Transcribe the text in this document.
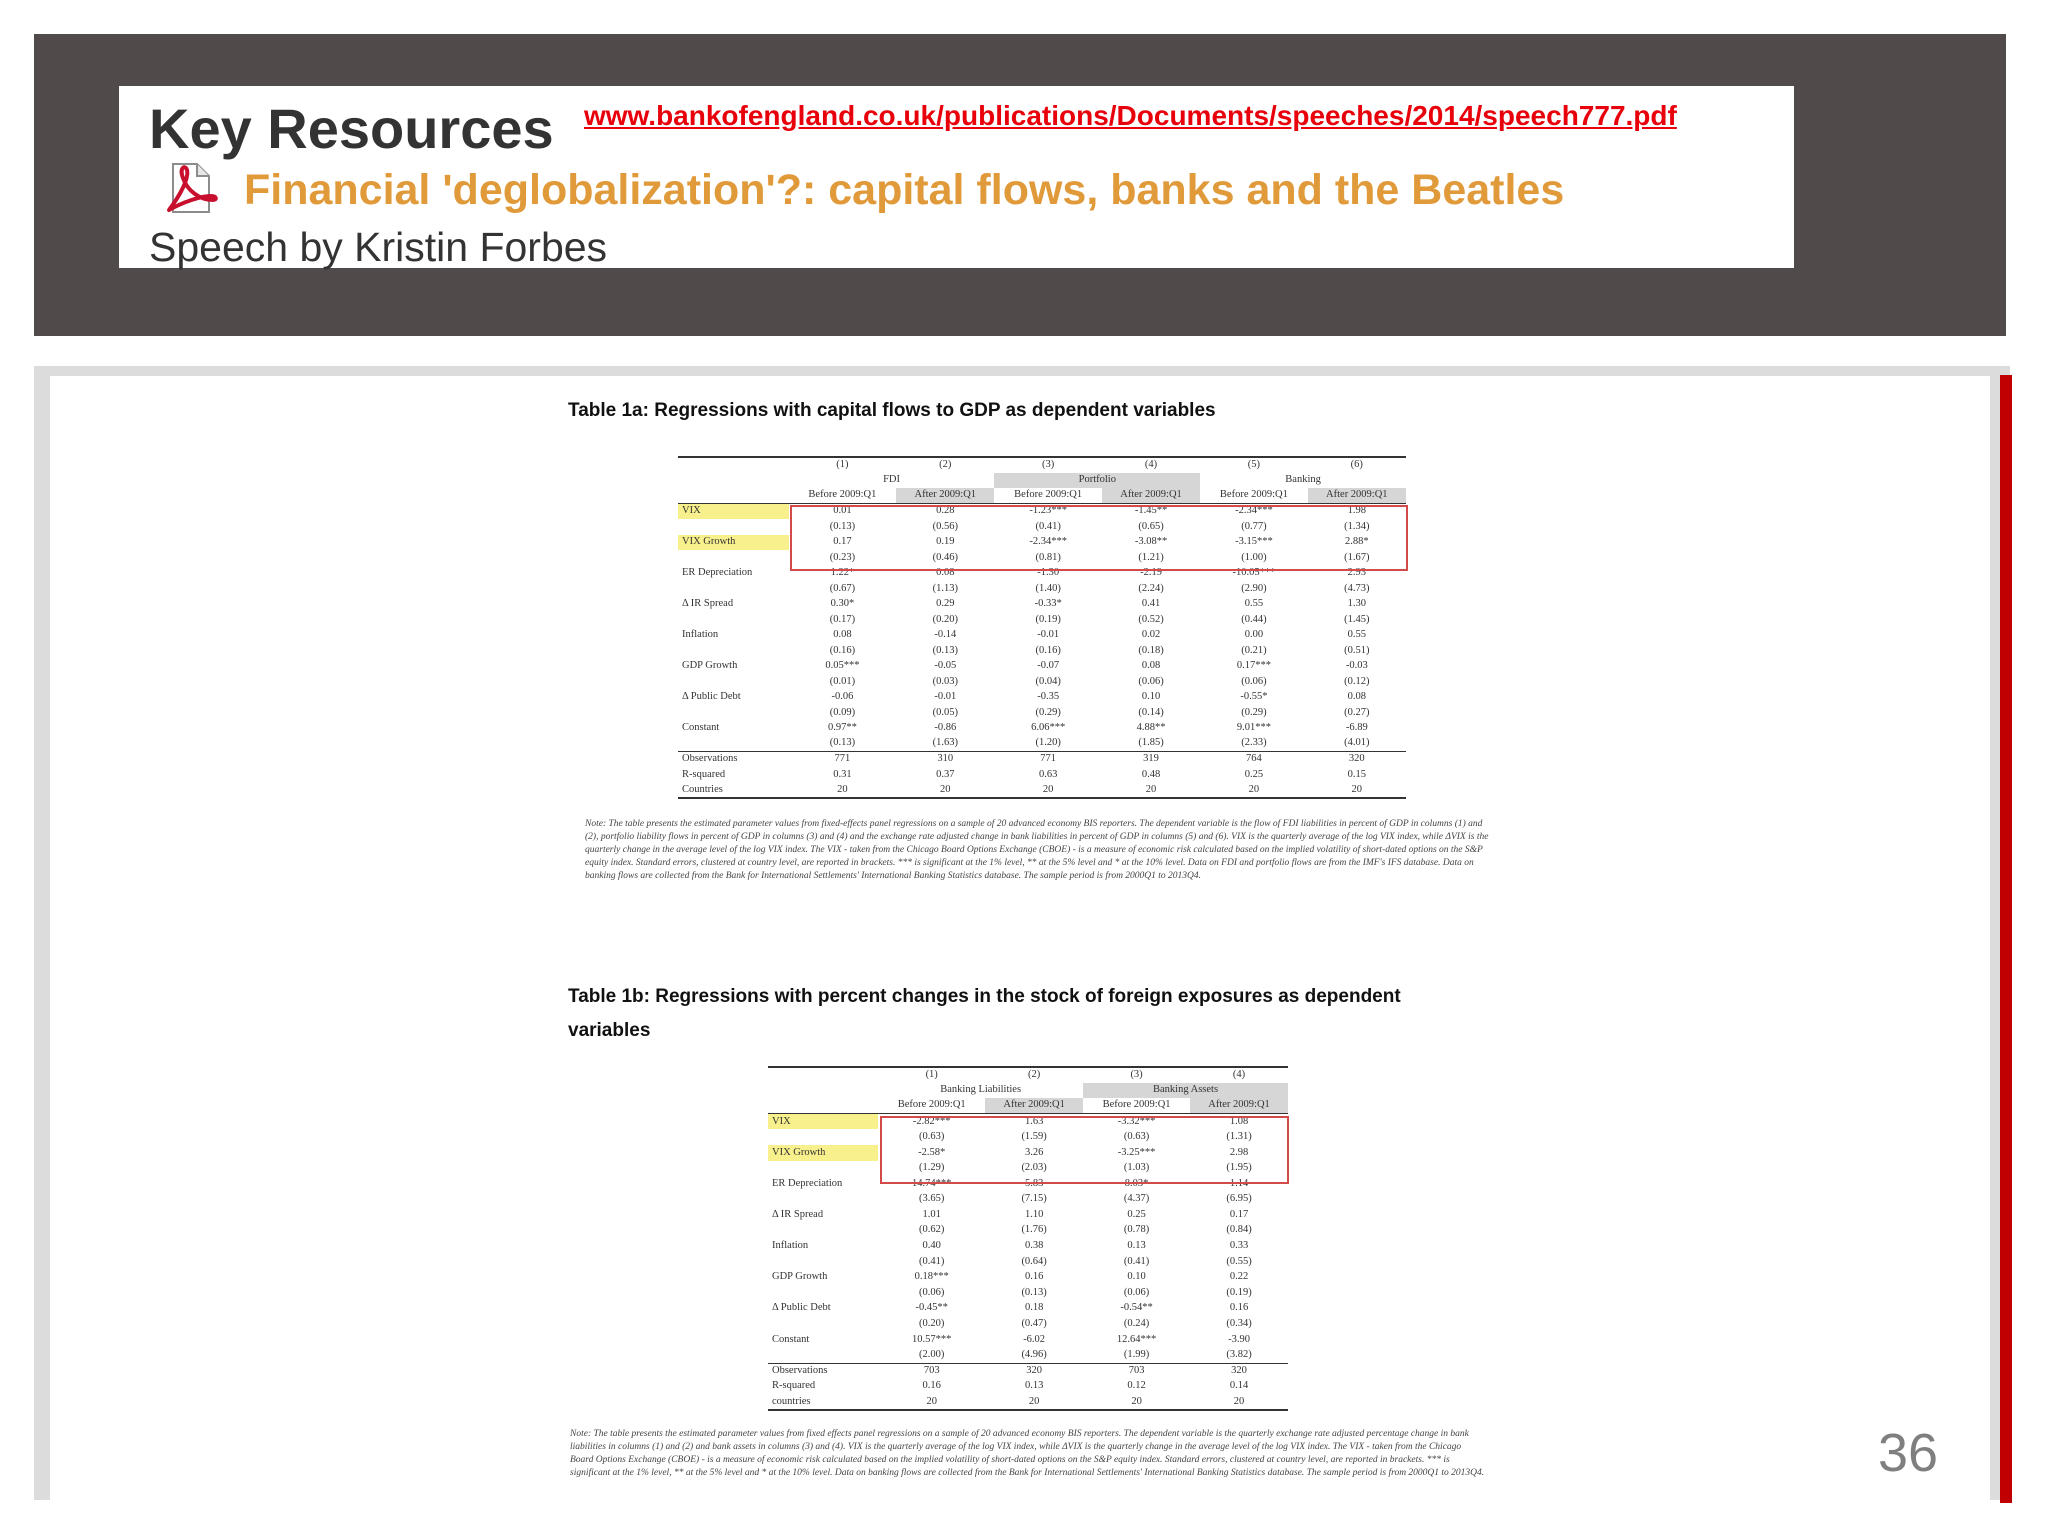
Key Resources www.bankofengland.co.uk/publications/Documents/speeches/2014/speech777.pdf
Financial 'deglobalization'?: capital flows, banks and the Beatles
Speech by Kristin Forbes
Table 1a: Regressions with capital flows to GDP as dependent variables
	(1)	(2)	(3)	(4)	(5)	(6)
	FDI		Portfolio		Banking	
	Before 2009:Q1	After 2009:Q1	Before 2009:Q1	After 2009:Q1	Before 2009:Q1	After 2009:Q1
VIX	0.01	0.28	-1.23***	-1.45**	-2.34***	1.98
	(0.13)	(0.56)	(0.41)	(0.65)	(0.77)	(1.34)
VIX Growth	0.17	0.19	-2.34***	-3.08**	-3.15***	2.88*
	(0.23)	(0.46)	(0.81)	(1.21)	(1.00)	(1.67)
ER Depreciation	1.22*	0.08	-1.30	-2.19	-10.05***	2.93
	(0.67)	(1.13)	(1.40)	(2.24)	(2.90)	(4.73)
Δ IR Spread	0.30*	0.29	-0.33*	0.41	0.55	1.30
	(0.17)	(0.20)	(0.19)	(0.52)	(0.44)	(1.45)
Inflation	0.08	-0.14	-0.01	0.02	0.00	0.55
	(0.16)	(0.13)	(0.16)	(0.18)	(0.21)	(0.51)
GDP Growth	0.05***	-0.05	-0.07	0.08	0.17***	-0.03
	(0.01)	(0.03)	(0.04)	(0.06)	(0.06)	(0.12)
Δ Public Debt	-0.06	-0.01	-0.35	0.10	-0.55*	0.08
	(0.09)	(0.05)	(0.29)	(0.14)	(0.29)	(0.27)
Constant	0.97**	-0.86	6.06***	4.88**	9.01***	-6.89
	(0.13)	(1.63)	(1.20)	(1.85)	(2.33)	(4.01)
Observations	771	310	771	319	764	320
R-squared	0.31	0.37	0.63	0.48	0.25	0.15
Countries	20	20	20	20	20	20

Note: The table presents the estimated parameter values from fixed-effects panel regressions on a sample of 20 advanced economy BIS reporters. The dependent variable is the flow of FDI liabilities in percent of GDP in columns (1) and (2), portfolio liability flows in percent of GDP in columns (3) and (4) and the exchange rate adjusted change in bank liabilities in percent of GDP in columns (5) and (6). VIX is the quarterly average of the log VIX index, while ΔVIX is the quarterly change in the average level of the log VIX index. The VIX - taken from the Chicago Board Options Exchange (CBOE) - is a measure of economic risk calculated based on the implied volatility of short-dated options on the S&P equity index. Standard errors, clustered at country level, are reported in brackets. *** is significant at the 1% level, ** at the 5% level and * at the 10% level. Data on FDI and portfolio flows are from the IMF's IFS database. Data on banking flows are collected from the Bank for International Settlements' International Banking Statistics database. The sample period is from 2000Q1 to 2013Q4.

Table 1b: Regressions with percent changes in the stock of foreign exposures as dependent
variables
	(1)	(2)	(3)	(4)
	Banking Liabilities		Banking Assets	
	Before 2009:Q1	After 2009:Q1	Before 2009:Q1	After 2009:Q1
VIX	-2.82***	1.63	-3.32***	1.08
	(0.63)	(1.59)	(0.63)	(1.31)
VIX Growth	-2.58*	3.26	-3.25***	2.98
	(1.29)	(2.03)	(1.03)	(1.95)
ER Depreciation	14.74***	5.83	8.03*	1.14
	(3.65)	(7.15)	(4.37)	(6.95)
Δ IR Spread	1.01	1.10	0.25	0.17
	(0.62)	(1.76)	(0.78)	(0.84)
Inflation	0.40	0.38	0.13	0.33
	(0.41)	(0.64)	(0.41)	(0.55)
GDP Growth	0.18***	0.16	0.10	0.22
	(0.06)	(0.13)	(0.06)	(0.19)
Δ Public Debt	-0.45**	0.18	-0.54**	0.16
	(0.20)	(0.47)	(0.24)	(0.34)
Constant	10.57***	-6.02	12.64***	-3.90
	(2.00)	(4.96)	(1.99)	(3.82)
Observations	703	320	703	320
R-squared	0.16	0.13	0.12	0.14
countries	20	20	20	20

Note: The table presents the estimated parameter values from fixed effects panel regressions on a sample of 20 advanced economy BIS reporters. The dependent variable is the quarterly exchange rate adjusted percentage change in bank liabilities in columns (1) and (2) and bank assets in columns (3) and (4). VIX is the quarterly average of the log VIX index, while ΔVIX is the quarterly change in the average level of the log VIX index. The VIX - taken from the Chicago Board Options Exchange (CBOE) - is a measure of economic risk calculated based on the implied volatility of short-dated options on the S&P equity index. Standard errors, clustered at country level, are reported in brackets. *** is significant at the 1% level, ** at the 5% level and * at the 10% level. Data on banking flows are collected from the Bank for International Settlements' International Banking Statistics database. The sample period is from 2000Q1 to 2013Q4.	36
